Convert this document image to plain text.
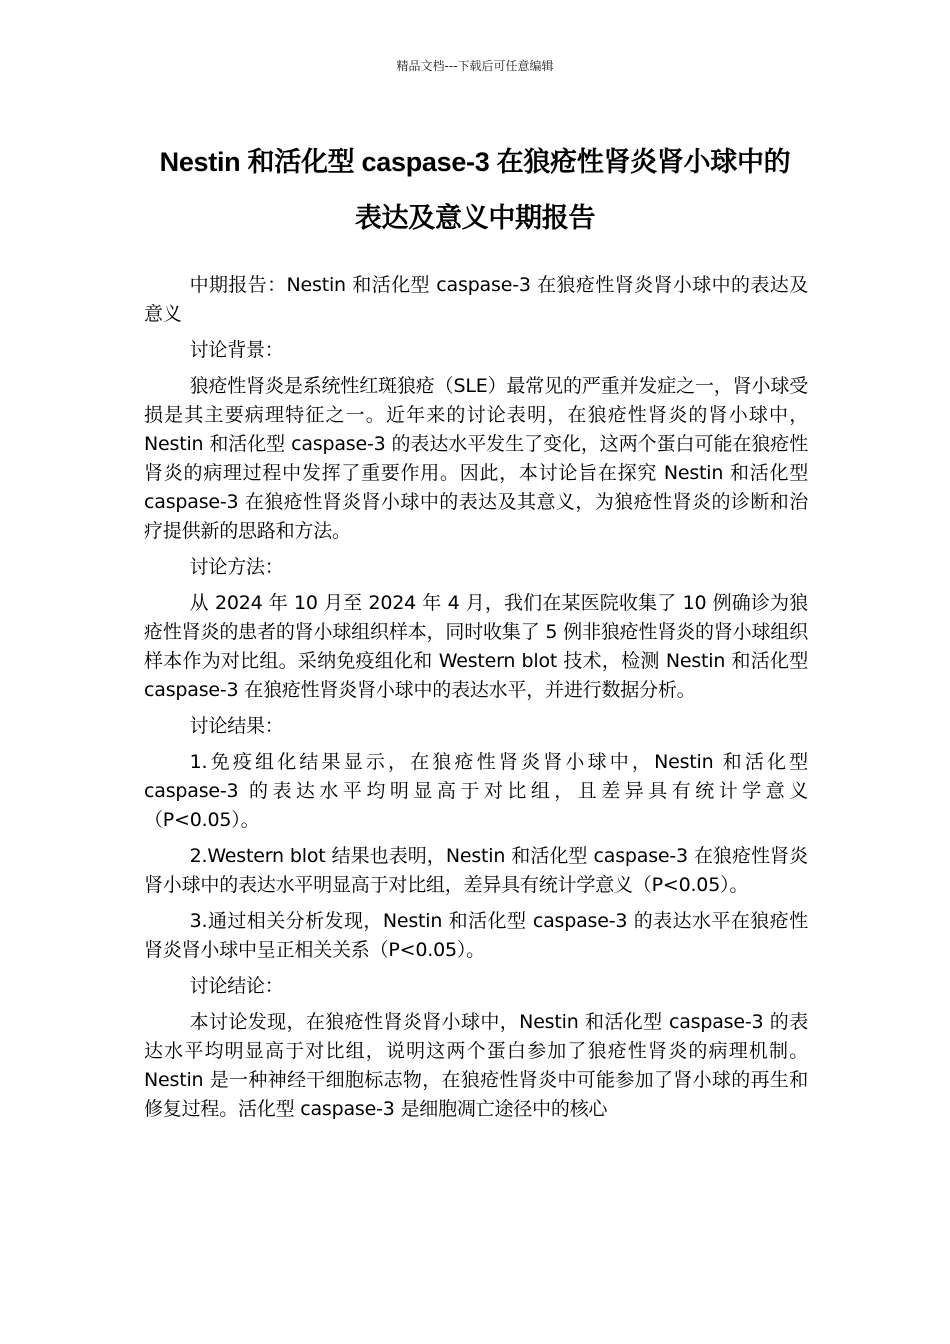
精品文档---下载后可任意编辑
Nestin 和活化型 caspase-3 在狼疮性肾炎肾小球中的
表达及意义中期报告

中期报告：Nestin 和活化型 caspase-3 在狼疮性肾炎肾小球中的表达及意义

讨论背景：

狼疮性肾炎是系统性红斑狼疮（SLE）最常见的严重并发症之一，肾小球受损是其主要病理特征之一。近年来的讨论表明，在狼疮性肾炎的肾小球中，Nestin 和活化型 caspase-3 的表达水平发生了变化，这两个蛋白可能在狼疮性肾炎的病理过程中发挥了重要作用。因此，本讨论旨在探究 Nestin 和活化型 caspase-3 在狼疮性肾炎肾小球中的表达及其意义，为狼疮性肾炎的诊断和治疗提供新的思路和方法。

讨论方法：

从 2024 年 10 月至 2024 年 4 月，我们在某医院收集了 10 例确诊为狼疮性肾炎的患者的肾小球组织样本，同时收集了 5 例非狼疮性肾炎的肾小球组织样本作为对比组。采纳免疫组化和 Western blot 技术，检测 Nestin 和活化型 caspase-3 在狼疮性肾炎肾小球中的表达水平，并进行数据分析。

讨论结果：

1.免疫组化结果显示，在狼疮性肾炎肾小球中，Nestin 和活化型 caspase-3 的表达水平均明显高于对比组，且差异具有统计学意义（P<0.05）。

2.Western blot 结果也表明，Nestin 和活化型 caspase-3 在狼疮性肾炎肾小球中的表达水平明显高于对比组，差异具有统计学意义（P<0.05）。

3.通过相关分析发现，Nestin 和活化型 caspase-3 的表达水平在狼疮性肾炎肾小球中呈正相关关系（P<0.05）。

讨论结论：

本讨论发现，在狼疮性肾炎肾小球中，Nestin 和活化型 caspase-3 的表达水平均明显高于对比组，说明这两个蛋白参加了狼疮性肾炎的病理机制。Nestin 是一种神经干细胞标志物，在狼疮性肾炎中可能参加了肾小球的再生和修复过程。活化型 caspase-3 是细胞凋亡途径中的核心
